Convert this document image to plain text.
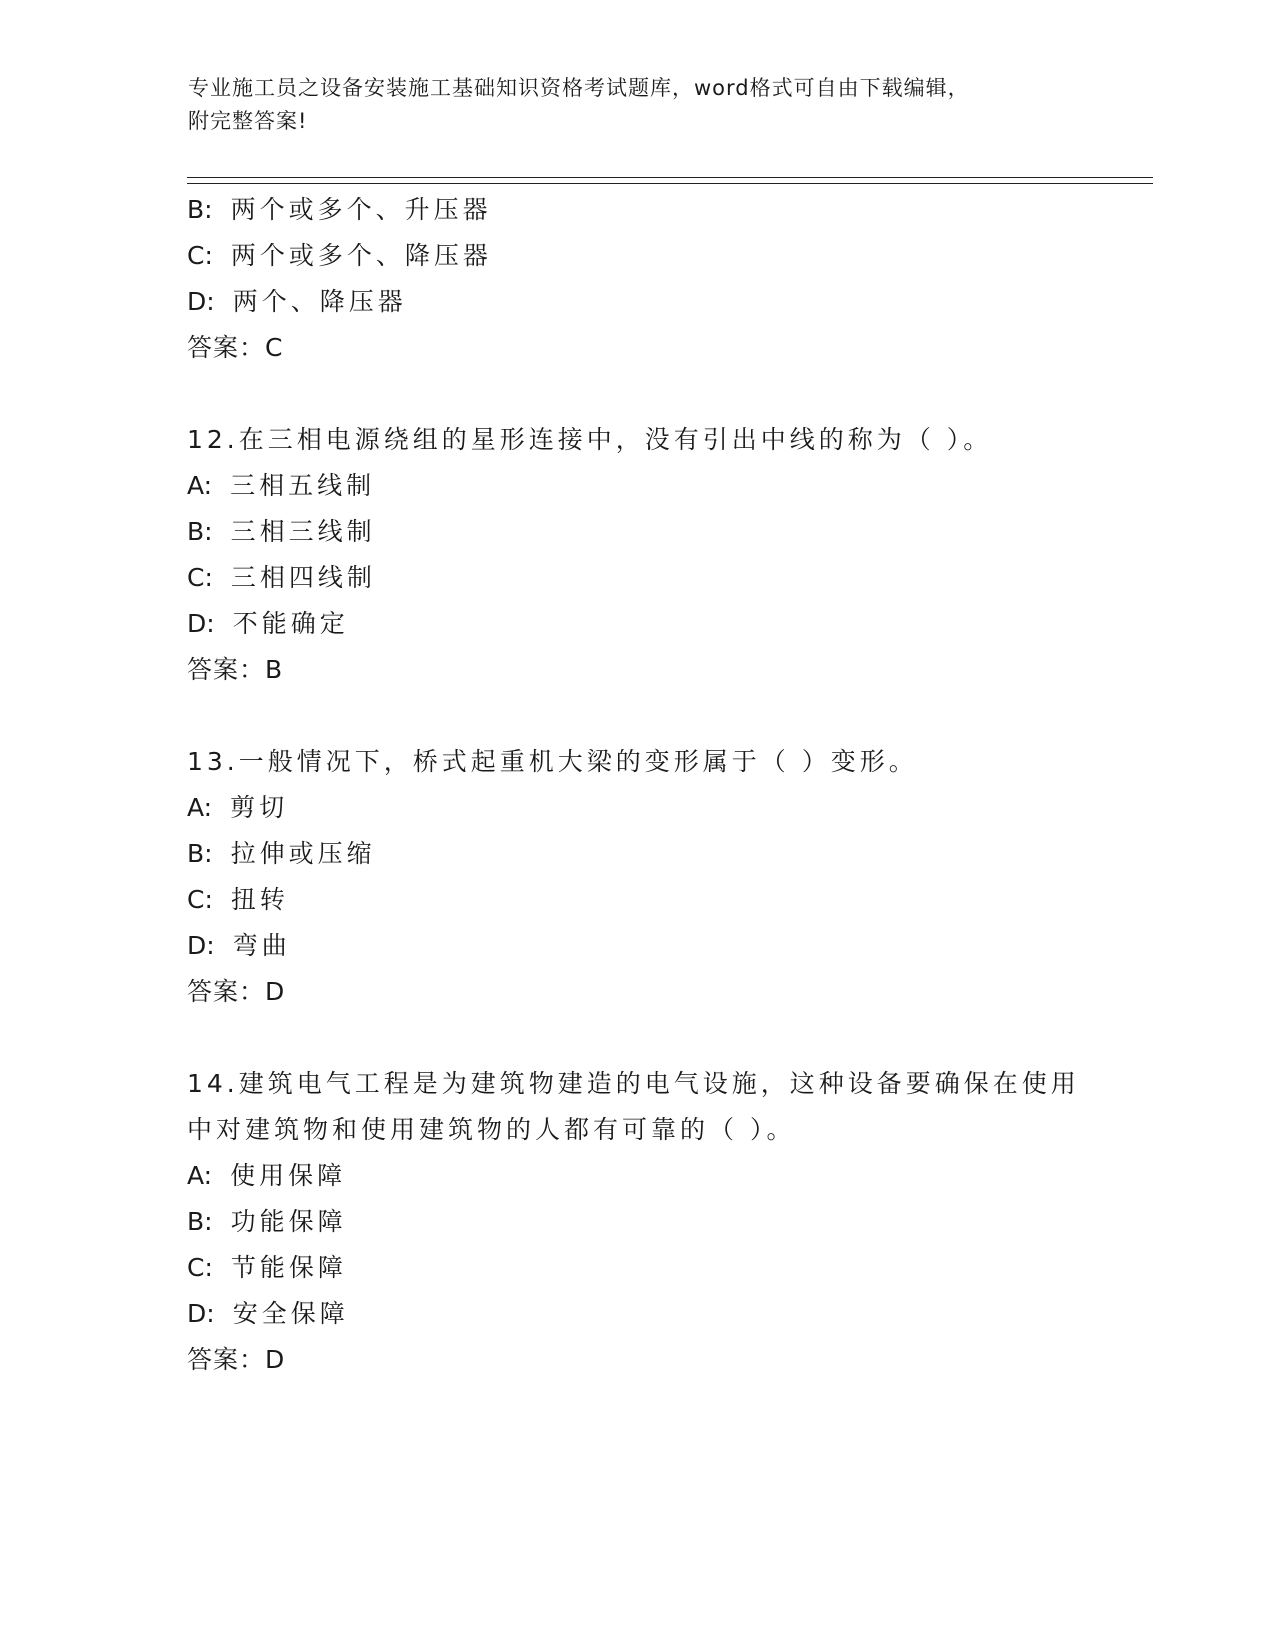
专业施工员之设备安装施工基础知识资格考试题库，word格式可自由下载编辑，
附完整答案!
B: 两个或多个、升压器
C: 两个或多个、降压器
D: 两个、降压器
答案：C
12.在三相电源绕组的星形连接中，没有引出中线的称为（ ）。
A: 三相五线制
B: 三相三线制
C: 三相四线制
D: 不能确定
答案：B
13.一般情况下，桥式起重机大梁的变形属于（ ）变形。
A: 剪切
B: 拉伸或压缩
C: 扭转
D: 弯曲
答案：D
14.建筑电气工程是为建筑物建造的电气设施，这种设备要确保在使用
中对建筑物和使用建筑物的人都有可靠的（ ）。
A: 使用保障
B: 功能保障
C: 节能保障
D: 安全保障
答案：D
